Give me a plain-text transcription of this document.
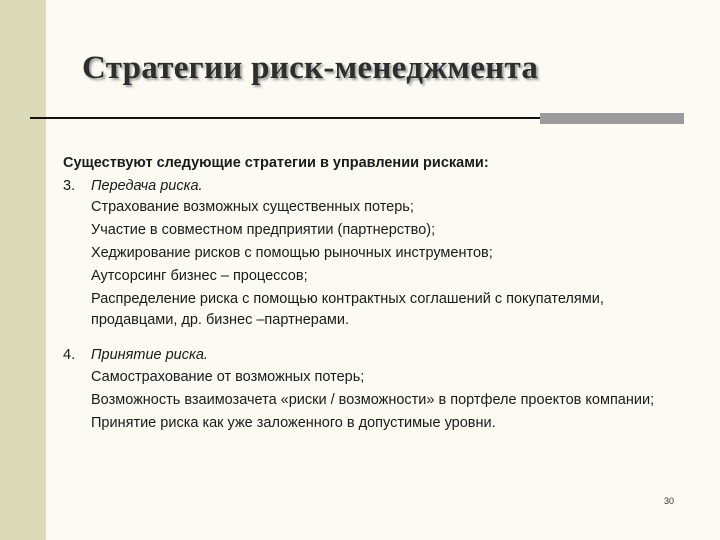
Стратегии риск-менеджмента

Существуют следующие стратегии в управлении рисками:

3. Передача риска.
Страхование возможных существенных потерь;
Участие в совместном предприятии (партнерство);
Хеджирование рисков с помощью рыночных инструментов;
Аутсорсинг бизнес – процессов;
Распределение риска с помощью контрактных соглашений с покупателями, продавцами, др. бизнес –партнерами.
4. Принятие риска.
Самострахование от возможных потерь;
Возможность взаимозачета «риски / возможности» в портфеле проектов компании;
Принятие риска как уже заложенного в допустимые уровни.
30
